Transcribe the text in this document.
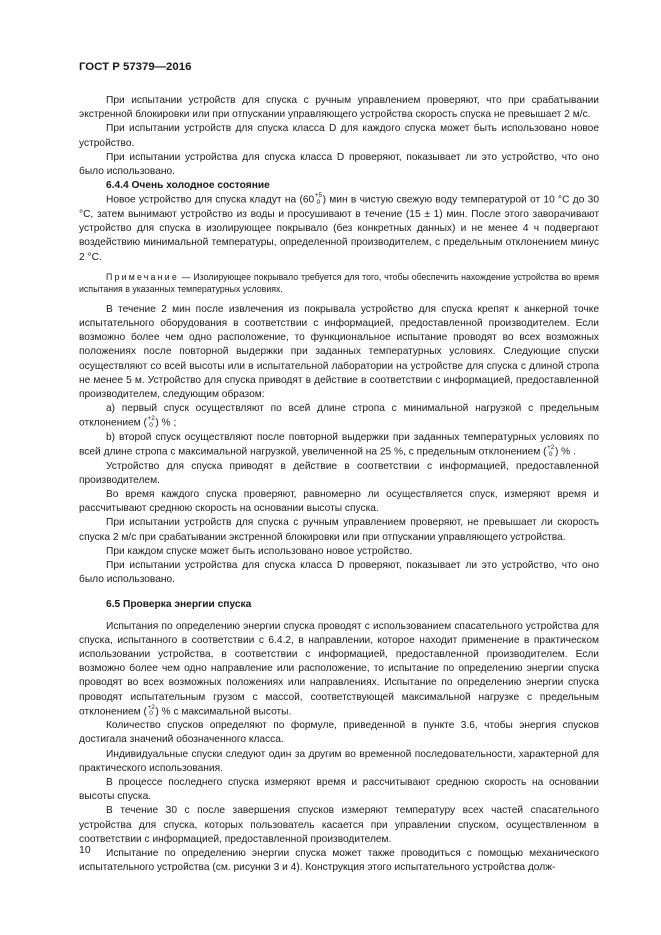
ГОСТ Р 57379—2016

При испытании устройств для спуска с ручным управлением проверяют, что при срабатывании экстренной блокировки или при отпускании управляющего устройства скорость спуска не превышает 2 м/с.

При испытании устройств для спуска класса D для каждого спуска может быть использовано новое устройство.

При испытании устройства для спуска класса D проверяют, показывает ли это устройство, что оно было использовано.

6.4.4 Очень холодное состояние

Новое устройство для спуска кладут на (60 +5
0 ) мин в чистую свежую воду температурой от 10 °С до 30 °С, затем вынимают устройство из воды и просушивают в течение (15 ± 1) мин. После этого заворачивают устройство для спуска в изолирующее покрывало (без конкретных данных) и не менее 4 ч подвергают воздействию минимальной температуры, определенной производителем, с предельным отклонением минус 2 °С.

Примечание — Изолирующее покрывало требуется для того, чтобы обеспечить нахождение устройства во время испытания в указанных температурных условиях.

В течение 2 мин после извлечения из покрывала устройство для спуска крепят к анкерной точке испытательного оборудования в соответствии с информацией, предоставленной производителем. Если возможно более чем одно расположение, то функциональное испытание проводят во всех возможных положениях после повторной выдержки при заданных температурных условиях. Следующие спуски осуществляют со всей высоты или в испытательной лаборатории на устройстве для спуска с длиной стропа не менее 5 м. Устройство для спуска приводят в действие в соответствии с информацией, предоставленной производителем, следующим образом:

а) первый спуск осуществляют по всей длине стропа с минимальной нагрузкой с предельным отклонением ( +2
0 ) % ;

b) второй спуск осуществляют после повторной выдержки при заданных температурных условиях по всей длине стропа с максимальной нагрузкой, увеличенной на 25 %, с предельным отклонением ( +2
0 ) % .

Устройство для спуска приводят в действие в соответствии с информацией, предоставленной производителем.

Во время каждого спуска проверяют, равномерно ли осуществляется спуск, измеряют время и рассчитывают среднюю скорость на основании высоты спуска.

При испытании устройств для спуска с ручным управлением проверяют, не превышает ли скорость спуска 2 м/с при срабатывании экстренной блокировки или при отпускании управляющего устройства.

При каждом спуске может быть использовано новое устройство.

При испытании устройства для спуска класса D проверяют, показывает ли это устройство, что оно было использовано.

6.5 Проверка энергии спуска

Испытания по определению энергии спуска проводят с использованием спасательного устройства для спуска, испытанного в соответствии с 6.4.2, в направлении, которое находит применение в практическом использовании устройства, в соответствии с информацией, предоставленной производителем. Если возможно более чем одно направление или расположение, то испытание по определению энергии спуска проводят во всех возможных положениях или направлениях. Испытание по определению энергии спуска проводят испытательным грузом с массой, соответствующей максимальной нагрузке с предельным отклонением ( +2
0 ) % с максимальной высоты.

Количество спусков определяют по формуле, приведенной в пункте 3.6, чтобы энергия спусков достигала значений обозначенного класса.

Индивидуальные спуски следуют один за другим во временной последовательности, характерной для практического использования.

В процессе последнего спуска измеряют время и рассчитывают среднюю скорость на основании высоты спуска.

В течение 30 с после завершения спусков измеряют температуру всех частей спасательного устройства для спуска, которых пользователь касается при управлении спуском, осуществленном в соответствии с информацией, предоставленной производителем.

Испытание по определению энергии спуска может также проводиться с помощью механического испытательного устройства (см. рисунки 3 и 4). Конструкция этого испытательного устройства долж-

10
